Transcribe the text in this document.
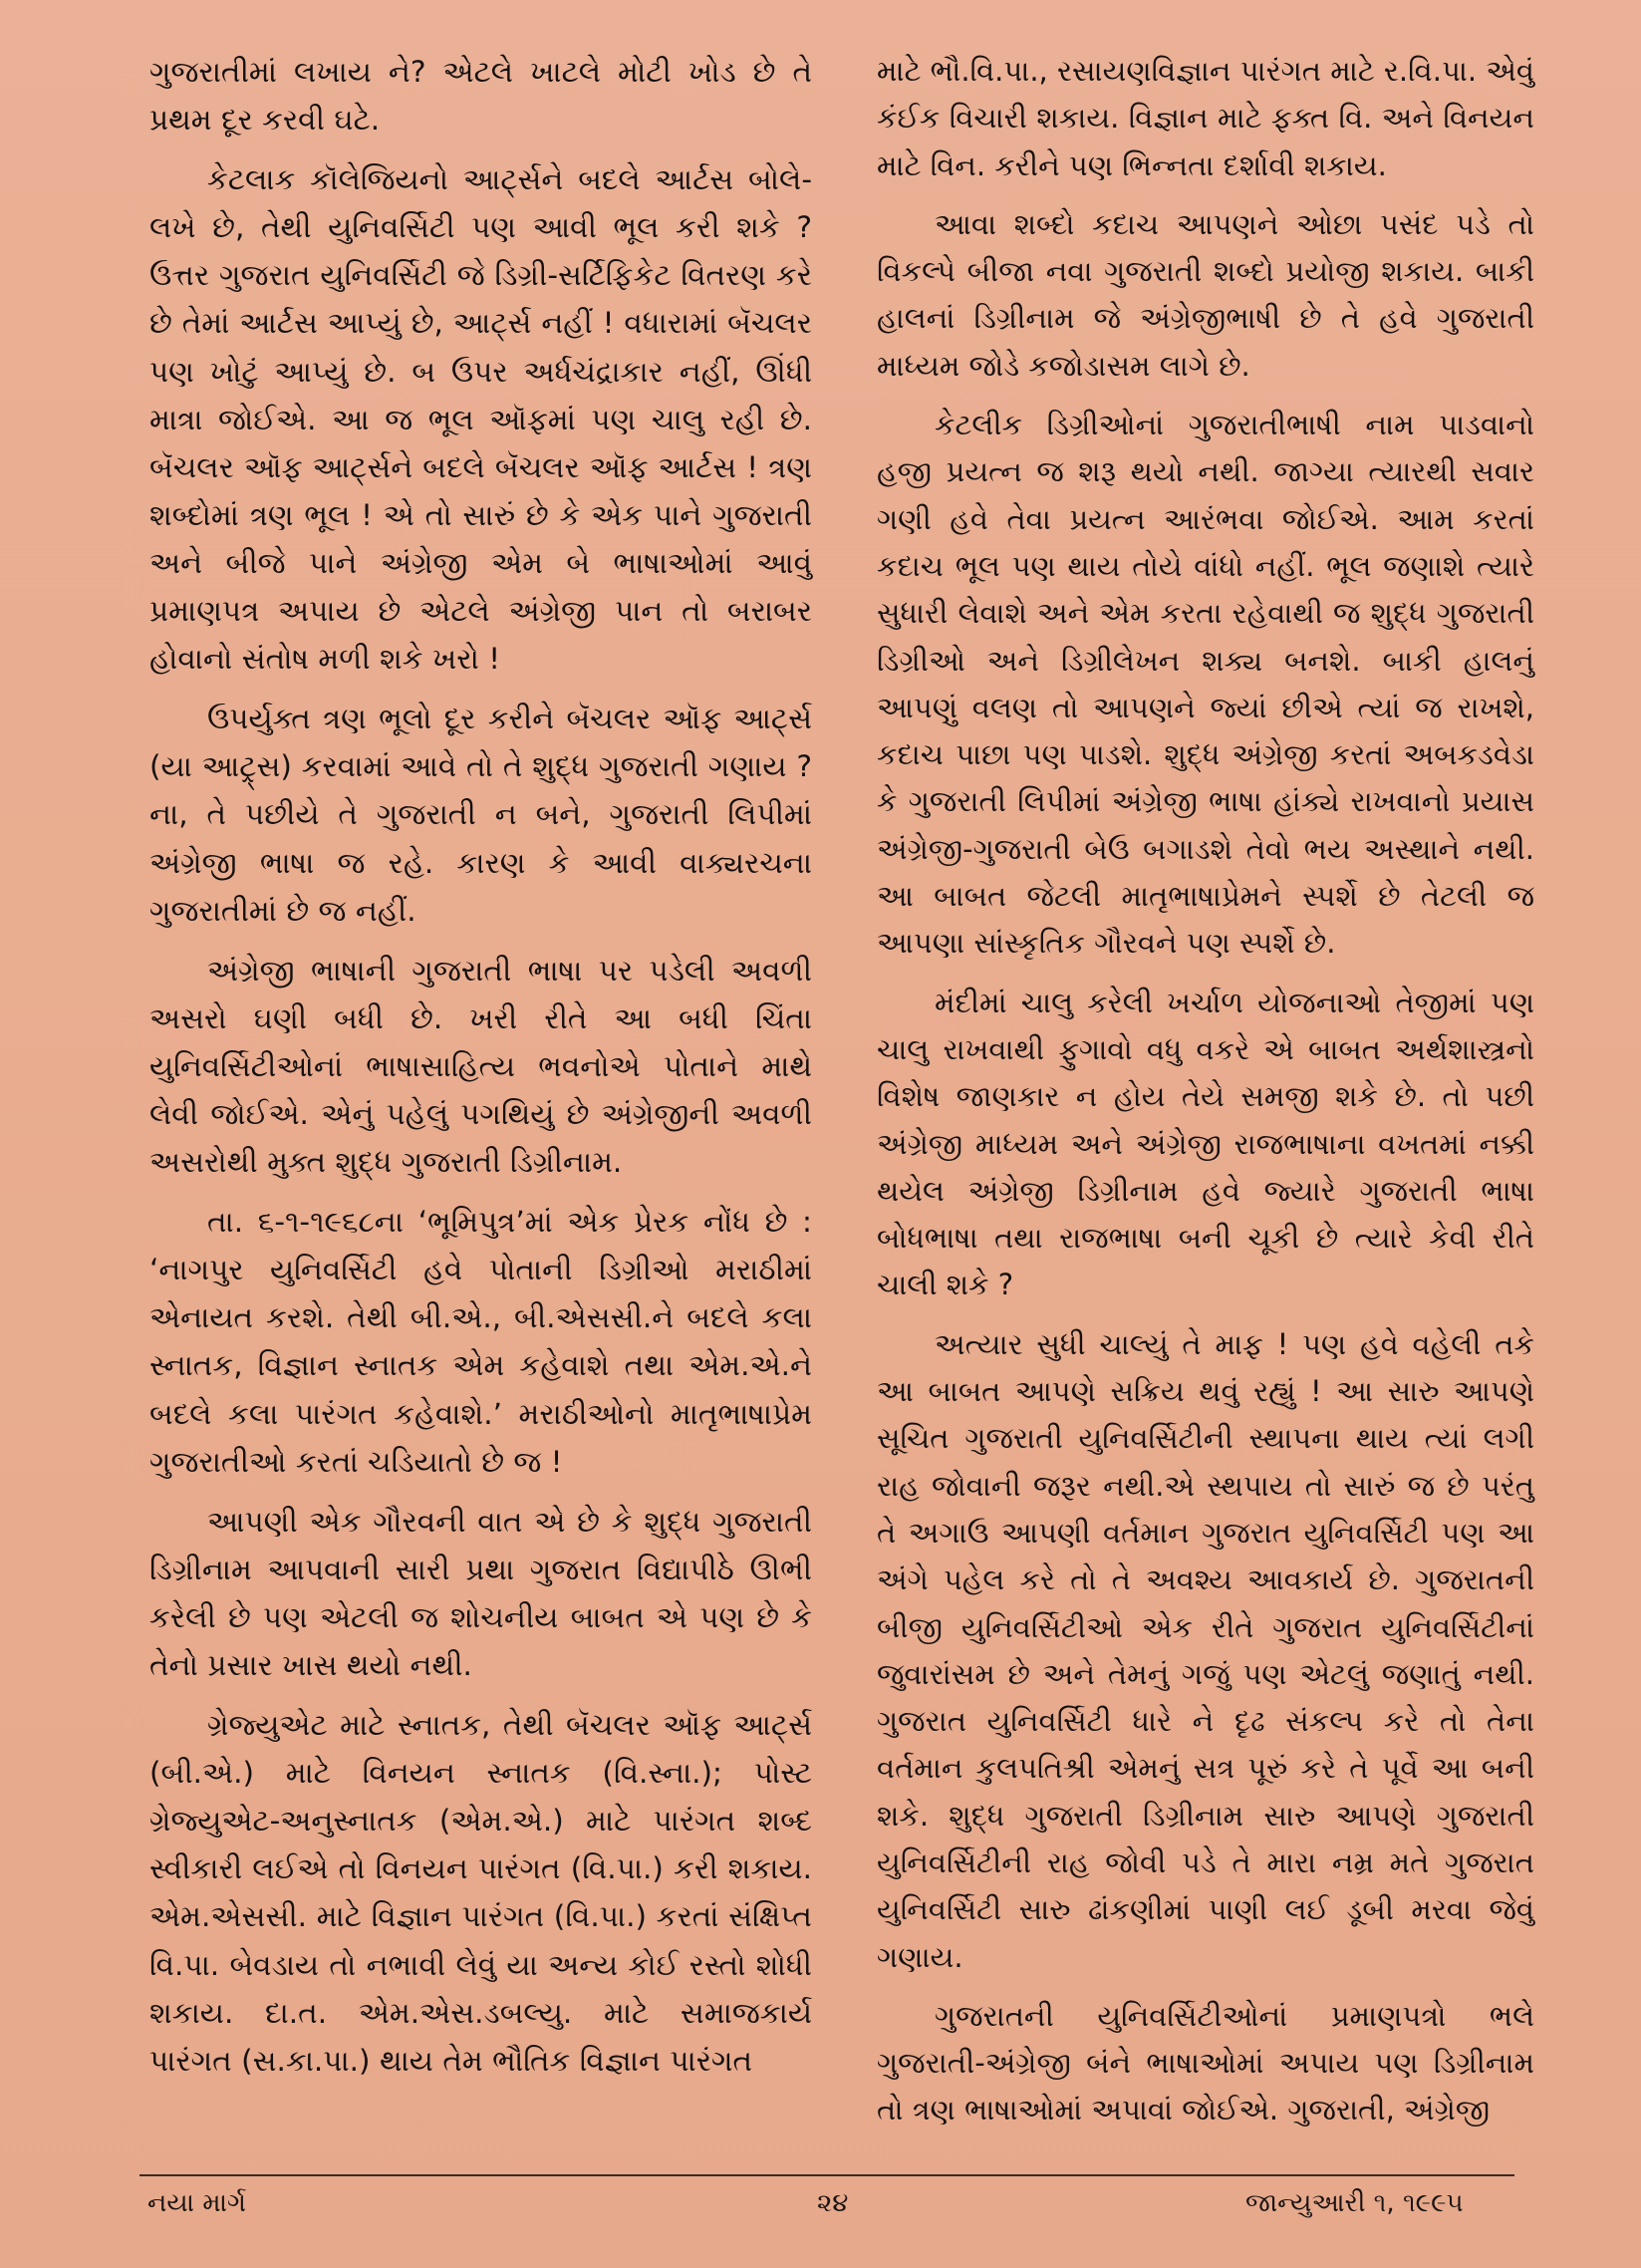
ગુજરાતીમાં લખાય ને? એટલે ખાટલે મોટી ખોડ છે તે પ્રથમ દૂર કરવી ઘટે.

કેટલાક કૉલેજિયનો આર્ટ્સને બદલે આર્ટસ બોલે-લખે છે, તેથી યુનિવર્સિટી પણ આવી ભૂલ કરી શકે ? ઉત્તર ગુજરાત યુનિવર્સિટી જે ડિગ્રી-સર્ટિફિકેટ વિતરણ કરે છે તેમાં આર્ટસ આપ્યું છે, આર્ટ્સ નહીં ! વધારામાં બૅચલર પણ ખોટું આપ્યું છે. બ ઉપર અર્ધચંદ્રાકાર નહીં, ઊંધી માત્રા જોઈએ. આ જ ભૂલ ઑફમાં પણ ચાલુ રહી છે. બૅચલર ઑફ આર્ટ્સને બદલે બૅચલર ઑફ આર્ટસ ! ત્રણ શબ્દોમાં ત્રણ ભૂલ ! એ તો સારું છે કે એક પાને ગુજરાતી અને બીજે પાને અંગ્રેજી એમ બે ભાષાઓમાં આવું પ્રમાણપત્ર અપાય છે એટલે અંગ્રેજી પાન તો બરાબર હોવાનો સંતોષ મળી શકે ખરો !

ઉપર્યુક્ત ત્રણ ભૂલો દૂર કરીને બૅચલર ઑફ આર્ટ્સ (યા આટ્ર્સ) કરવામાં આવે તો તે શુદ્ધ ગુજરાતી ગણાય ? ના, તે પછીયે તે ગુજરાતી ન બને, ગુજરાતી લિપીમાં અંગ્રેજી ભાષા જ રહે. કારણ કે આવી વાક્યરચના ગુજરાતીમાં છે જ નહીં.

અંગ્રેજી ભાષાની ગુજરાતી ભાષા પર પડેલી અવળી અસરો ઘણી બધી છે. ખરી રીતે આ બધી ચિંતા યુનિવર્સિટીઓનાં ભાષાસાહિત્ય ભવનોએ પોતાને માથે લેવી જોઈએ. એનું પહેલું પગથિયું છે અંગ્રેજીની અવળી અસરોથી મુક્ત શુદ્ધ ગુજરાતી ડિગ્રીનામ.

તા. ૬-૧-૧૯૬૮ના ‘ભૂમિપુત્ર’માં એક પ્રેરક નોંધ છે : ‘નાગપુર યુનિવર્સિટી હવે પોતાની ડિગ્રીઓ મરાઠીમાં એનાયત કરશે. તેથી બી.એ., બી.એસસી.ને બદલે કલા સ્નાતક, વિજ્ઞાન સ્નાતક એમ કહેવાશે તથા એમ.એ.ને બદલે કલા પારંગત કહેવાશે.’ મરાઠીઓનો માતૃભાષાપ્રેમ ગુજરાતીઓ કરતાં ચડિયાતો છે જ !

આપણી એક ગૌરવની વાત એ છે કે શુદ્ધ ગુજરાતી ડિગ્રીનામ આપવાની સારી પ્રથા ગુજરાત વિદ્યાપીઠે ઊભી કરેલી છે પણ એટલી જ શોચનીય બાબત એ પણ છે કે તેનો પ્રસાર ખાસ થયો નથી.

ગ્રેજ્યુએટ માટે સ્નાતક, તેથી બૅચલર ઑફ આર્ટ્સ (બી.એ.) માટે વિનયન સ્નાતક (વિ.સ્ના.); પોસ્ટ ગ્રેજ્યુએટ-અનુસ્નાતક (એમ.એ.) માટે પારંગત શબ્દ સ્વીકારી લઈએ તો વિનયન પારંગત (વિ.પા.) કરી શકાય. એમ.એસસી. માટે વિજ્ઞાન પારંગત (વિ.પા.) કરતાં સંક્ષિપ્ત વિ.પા. બેવડાય તો નભાવી લેવું યા અન્ય કોઈ રસ્તો શોધી શકાય. દા.ત. એમ.એસ.ડબલ્યુ. માટે સમાજકાર્ય પારંગત (સ.કા.પા.) થાય તેમ ભૌતિક વિજ્ઞાન પારંગત

માટે ભૌ.વિ.પા., રસાયણવિજ્ઞાન પારંગત માટે ર.વિ.પા. એવું કંઈક વિચારી શકાય. વિજ્ઞાન માટે ફક્ત વિ. અને વિનયન માટે વિન. કરીને પણ ભિન્નતા દર્શાવી શકાય.

આવા શબ્દો કદાચ આપણને ઓછા પસંદ પડે તો વિકલ્પે બીજા નવા ગુજરાતી શબ્દો પ્રયોજી શકાય. બાકી હાલનાં ડિગ્રીનામ જે અંગ્રેજીભાષી છે તે હવે ગુજરાતી માધ્યમ જોડે કજોડાસમ લાગે છે.

કેટલીક ડિગ્રીઓનાં ગુજરાતીભાષી નામ પાડવાનો હજી પ્રયત્ન જ શરૂ થયો નથી. જાગ્યા ત્યારથી સવાર ગણી હવે તેવા પ્રયત્ન આરંભવા જોઈએ. આમ કરતાં કદાચ ભૂલ પણ થાય તોયે વાંધો નહીં. ભૂલ જણાશે ત્યારે સુધારી લેવાશે અને એમ કરતા રહેવાથી જ શુદ્ધ ગુજરાતી ડિગ્રીઓ અને ડિગ્રીલેખન શક્ય બનશે. બાકી હાલનું આપણું વલણ તો આપણને જ્યાં છીએ ત્યાં જ રાખશે, કદાચ પાછા પણ પાડશે. શુદ્ધ અંગ્રેજી કરતાં અબકડવેડા કે ગુજરાતી લિપીમાં અંગ્રેજી ભાષા હાંક્યે રાખવાનો પ્રયાસ અંગ્રેજી-ગુજરાતી બેઉ બગાડશે તેવો ભય અસ્થાને નથી. આ બાબત જેટલી માતૃભાષાપ્રેમને સ્પર્શે છે તેટલી જ આપણા સાંસ્કૃતિક ગૌરવને પણ સ્પર્શે છે.

મંદીમાં ચાલુ કરેલી ખર્ચાળ યોજનાઓ તેજીમાં પણ ચાલુ રાખવાથી ફુગાવો વધુ વકરે એ બાબત અર્થશાસ્ત્રનો વિશેષ જાણકાર ન હોય તેયે સમજી શકે છે. તો પછી અંગ્રેજી માધ્યમ અને અંગ્રેજી રાજભાષાના વખતમાં નક્કી થયેલ અંગ્રેજી ડિગ્રીનામ હવે જ્યારે ગુજરાતી ભાષા બોધભાષા તથા રાજભાષા બની ચૂકી છે ત્યારે કેવી રીતે ચાલી શકે ?

અત્યાર સુધી ચાલ્યું તે માફ ! પણ હવે વહેલી તકે આ બાબત આપણે સક્રિય થવું રહ્યું ! આ સારુ આપણે સૂચિત ગુજરાતી યુનિવર્સિટીની સ્થાપના થાય ત્યાં લગી રાહ જોવાની જરૂર નથી.એ સ્થપાય તો સારું જ છે પરંતુ તે અગાઉ આપણી વર્તમાન ગુજરાત યુનિવર્સિટી પણ આ અંગે પહેલ કરે તો તે અવશ્ય આવકાર્ય છે. ગુજરાતની બીજી યુનિવર્સિટીઓ એક રીતે ગુજરાત યુનિવર્સિટીનાં જુવારાંસમ છે અને તેમનું ગજું પણ એટલું જણાતું નથી. ગુજરાત યુનિવર્સિટી ધારે ને દૃઢ સંકલ્પ કરે તો તેના વર્તમાન કુલપતિશ્રી એમનું સત્ર પૂરું કરે તે પૂર્વે આ બની શકે. શુદ્ધ ગુજરાતી ડિગ્રીનામ સારુ આપણે ગુજરાતી યુનિવર્સિટીની રાહ જોવી પડે તે મારા નમ્ર મતે ગુજરાત યુનિવર્સિટી સારુ ઢાંકણીમાં પાણી લઈ ડૂબી મરવા જેવું ગણાય.

ગુજરાતની યુનિવર્સિટીઓનાં પ્રમાણપત્રો ભલે ગુજરાતી-અંગ્રેજી બંને ભાષાઓમાં અપાય પણ ડિગ્રીનામ તો ત્રણ ભાષાઓમાં અપાવાં જોઈએ. ગુજરાતી, અંગ્રેજી

નયા માર્ગ	૨૪	જાન્યુઆરી ૧, ૧૯૯૫
